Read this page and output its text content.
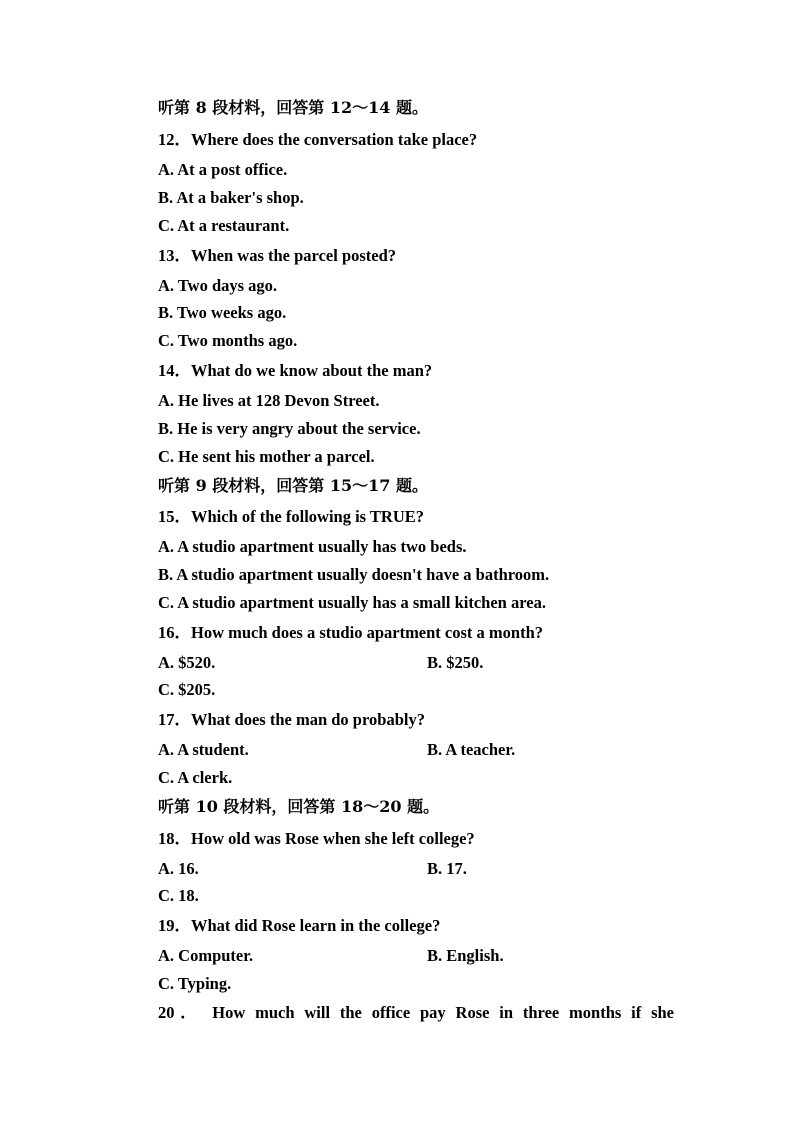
听第 8 段材料，回答第 12～14 题。
12．Where does the conversation take place?
A. At a post office.
B. At a baker's shop.
C. At a restaurant.
13．When was the parcel posted?
A. Two days ago.
B. Two weeks ago.
C. Two months ago.
14．What do we know about the man?
A. He lives at 128 Devon Street.
B. He is very angry about the service.
C. He sent his mother a parcel.
听第 9 段材料，回答第 15～17 题。
15．Which of the following is TRUE?
A. A studio apartment usually has two beds.
B. A studio apartment usually doesn't have a bathroom.
C. A studio apartment usually has a small kitchen area.
16．How much does a studio apartment cost a month?
A. $520.	B. $250.
C. $205.
17．What does the man do probably?
A. A student.	B. A teacher.
C. A clerk.
听第 10 段材料，回答第 18～20 题。
18．How old was Rose when she left college?
A. 16.	B. 17.
C. 18.
19．What did Rose learn in the college?
A. Computer.	B. English.
C. Typing.
20． How much will the office pay Rose in three months if she
